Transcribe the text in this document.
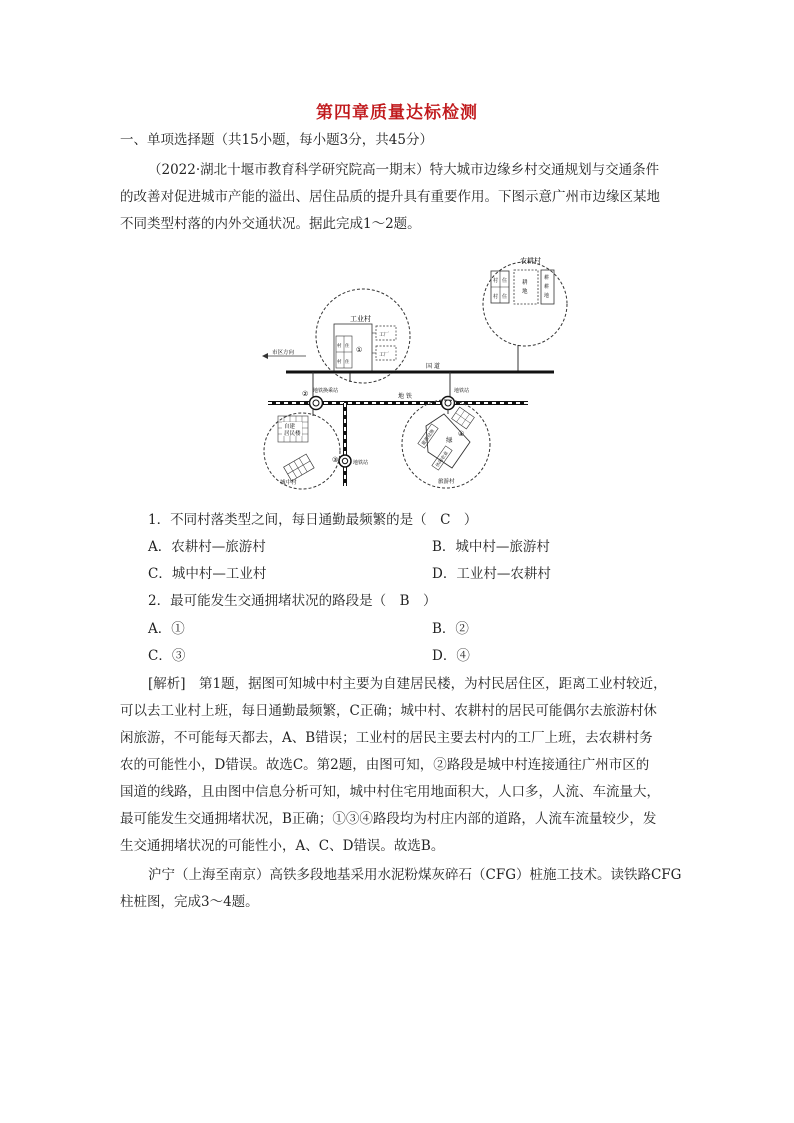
第四章质量达标检测
一、单项选择题（共15小题，每小题3分，共45分）
（2022·湖北十堰市教育科学研究院高一期末）特大城市边缘乡村交通规划与交通条件
的改善对促进城市产能的溢出、居住品质的提升具有重要作用。下图示意广州市边缘区某地
不同类型村落的内外交通状况。据此完成1～2题。
农耕村
村 住
村 住
耕
地
耕
耕
地
工业村
村 住
村 住
①
工厂
工厂
市区方向
国 道
地 铁
地铁换乘站	地铁站
地铁站
②
③
④
自建
居民楼
城中村
绿
旅游设施
休闲农业
旅游村
1．不同村落类型之间，每日通勤最频繁的是（　C　）
A．农耕村—旅游村	B．城中村—旅游村
C．城中村—工业村	D．工业村—农耕村
2．最可能发生交通拥堵状况的路段是（　B　）
A．①	B．②
C．③	D．④
[解析]　第1题，据图可知城中村主要为自建居民楼，为村民居住区，距离工业村较近，
可以去工业村上班，每日通勤最频繁，C正确；城中村、农耕村的居民可能偶尔去旅游村休
闲旅游，不可能每天都去，A、B错误；工业村的居民主要去村内的工厂上班，去农耕村务
农的可能性小，D错误。故选C。第2题，由图可知，②路段是城中村连接通往广州市区的
国道的线路，且由图中信息分析可知，城中村住宅用地面积大，人口多，人流、车流量大，
最可能发生交通拥堵状况，B正确；①③④路段均为村庄内部的道路，人流车流量较少，发
生交通拥堵状况的可能性小，A、C、D错误。故选B。
沪宁（上海至南京）高铁多段地基采用水泥粉煤灰碎石（CFG）桩施工技术。读铁路CFG
柱桩图，完成3～4题。
